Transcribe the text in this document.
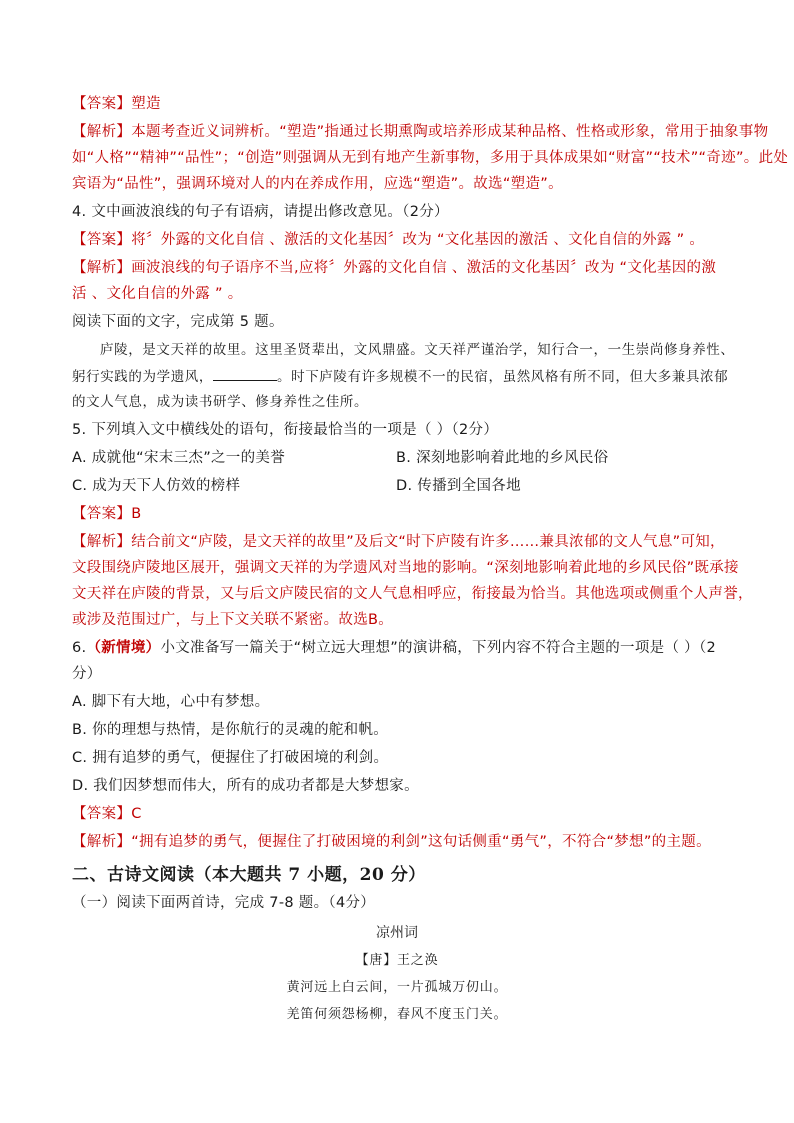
【答案】塑造
【解析】本题考查近义词辨析。“塑造”指通过长期熏陶或培养形成某种品格、性格或形象，常用于抽象事物
如“人格”“精神”“品性”；“创造”则强调从无到有地产生新事物，多用于具体成果如“财富”“技术”“奇迹”。此处
宾语为“品性”，强调环境对人的内在养成作用，应选“塑造”。故选“塑造”。
4. 文中画波浪线的句子有语病，请提出修改意见。（2分）
【答案】将〞外露的文化自信 、激活的文化基因〞改为 “文化基因的激活 、文化自信的外露 ” 。
【解析】画波浪线的句子语序不当,应将〞外露的文化自信 、激活的文化基因〞改为 “文化基因的激
活 、文化自信的外露 ” 。
阅读下面的文字，完成第 5 题。
庐陵，是文天祥的故里。这里圣贤辈出，文风鼎盛。文天祥严谨治学，知行合一，一生崇尚修身养性、
躬行实践的为学遗风，	。时下庐陵有许多规模不一的民宿，虽然风格有所不同，但大多兼具浓郁
的文人气息，成为读书研学、修身养性之佳所。
5. 下列填入文中横线处的语句，衔接最恰当的一项是（ ）（2分）
A. 成就他“宋末三杰”之一的美誉	B. 深刻地影响着此地的乡风民俗
C. 成为天下人仿效的榜样	D. 传播到全国各地
【答案】B
【解析】结合前文“庐陵，是文天祥的故里”及后文“时下庐陵有许多……兼具浓郁的文人气息”可知，
文段围绕庐陵地区展开，强调文天祥的为学遗风对当地的影响。“深刻地影响着此地的乡风民俗”既承接
文天祥在庐陵的背景，又与后文庐陵民宿的文人气息相呼应，衔接最为恰当。其他选项或侧重个人声誉，
或涉及范围过广，与上下文关联不紧密。故选B。
6.（新情境）小文准备写一篇关于“树立远大理想”的演讲稿，下列内容不符合主题的一项是（ ）（2
分）
A. 脚下有大地，心中有梦想。
B. 你的理想与热情，是你航行的灵魂的舵和帆。
C. 拥有追梦的勇气，便握住了打破困境的利剑。
D. 我们因梦想而伟大，所有的成功者都是大梦想家。
【答案】C
【解析】“拥有追梦的勇气，便握住了打破困境的利剑”这句话侧重“勇气”，不符合“梦想”的主题。
二、古诗文阅读（本大题共 7 小题，20 分）
（一）阅读下面两首诗，完成 7-8 题。（4分）
凉州词
【唐】王之涣
黄河远上白云间，一片孤城万仞山。
羌笛何须怨杨柳，春风不度玉门关。
